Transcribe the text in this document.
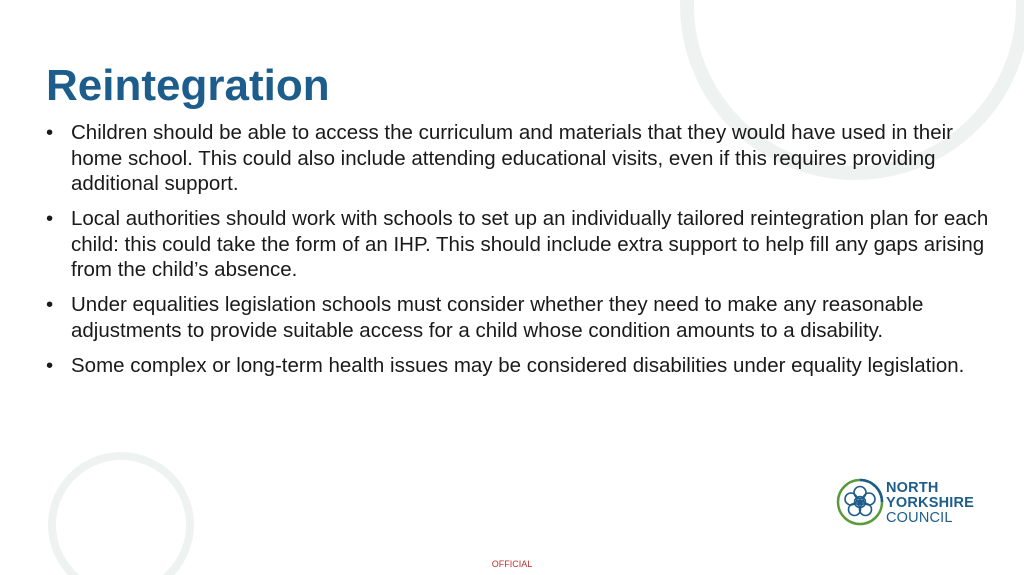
Reintegration
• Children should be able to access the curriculum and materials that they would have used in their home school. This could also include attending educational visits, even if this requires providing additional support.
• Local authorities should work with schools to set up an individually tailored reintegration plan for each child: this could take the form of an IHP. This should include extra support to help fill any gaps arising from the child’s absence.
• Under equalities legislation schools must consider whether they need to make any reasonable adjustments to provide suitable access for a child whose condition amounts to a disability.
• Some complex or long-term health issues may be considered disabilities under equality legislation.
NORTH
YORKSHIRE
COUNCIL
OFFICIAL
